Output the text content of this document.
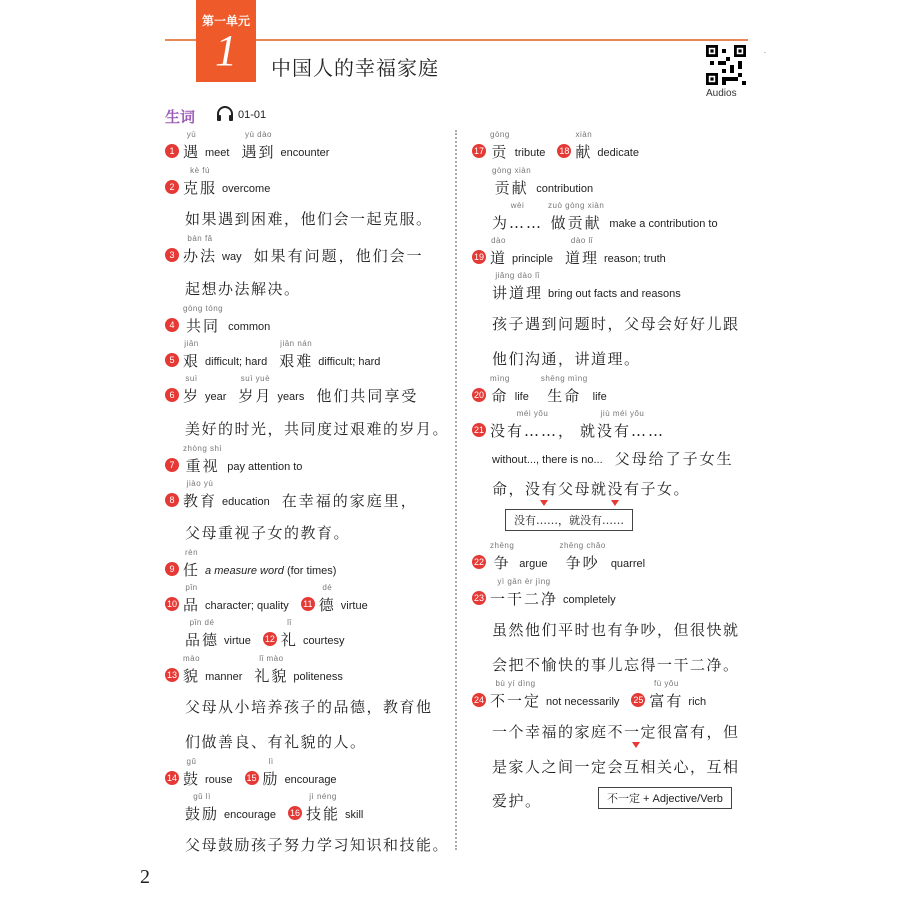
第一单元
1	中国人的幸福家庭
Audios
·
生词	01-01
1
yù
遇 meet
yù dào
遇到 encounter
2
kè fú
克服 overcome
如果遇到困难，他们会一起克服。
3
bàn fǎ
办法 way 如果有问题，他们会一
起想办法解决。
4
gòng tóng
共同 common
5
jiān
艰 difficult; hard
jiān nán
艰难 difficult; hard
6
suì
岁 year
suì yuè
岁月 years 他们共同享受
美好的时光，共同度过艰难的岁月。
7
zhòng shì
重视 pay attention to
8
jiào yù
教育 education 在幸福的家庭里，
父母重视子女的教育。
9
rèn
任 a measure word (for times)
10
pǐn
品 character; quality 11
dé
德 virtue
pǐn dé
品德 virtue 12
lǐ
礼 courtesy
13
mào
貌 manner
lǐ mào
礼貌 politeness
父母从小培养孩子的品德，教育他
们做善良、有礼貌的人。
14
gǔ
鼓 rouse 15
lì
励 encourage
gǔ lì
鼓励 encourage 16
jì néng
技能 skill
父母鼓励孩子努力学习知识和技能。
17
gòng
贡 tribute 18
xiàn
献 dedicate
gòng xiàn
贡献 contribution
wèi
为……
zuò gòng xiàn
做贡献 make a contribution to
19
dào
道 principle
dào lǐ
道理 reason; truth
jiǎng dào lǐ
讲道理 bring out facts and reasons
孩子遇到问题时，父母会好好儿跟
他们沟通，讲道理。
20
mìng
命 life
shēng mìng
生命 life
21
méi yǒu
没有……，
jiù méi yǒu
就没有……
without..., there is no... 父母给了子女生
命，没有父母就没有子女。
没有……，就没有……
22
zhēng
争 argue
zhēng chǎo
争吵 quarrel
23
yì gān èr jìng
一干二净 completely
虽然他们平时也有争吵，但很快就
会把不愉快的事儿忘得一干二净。
24
bù yí dìng
不一定 not necessarily 25
fù yǒu
富有 rich
一个幸福的家庭不一定很富有，但
是家人之间一定会互相关心，互相
爱护。	不一定 + Adjective/Verb
2
